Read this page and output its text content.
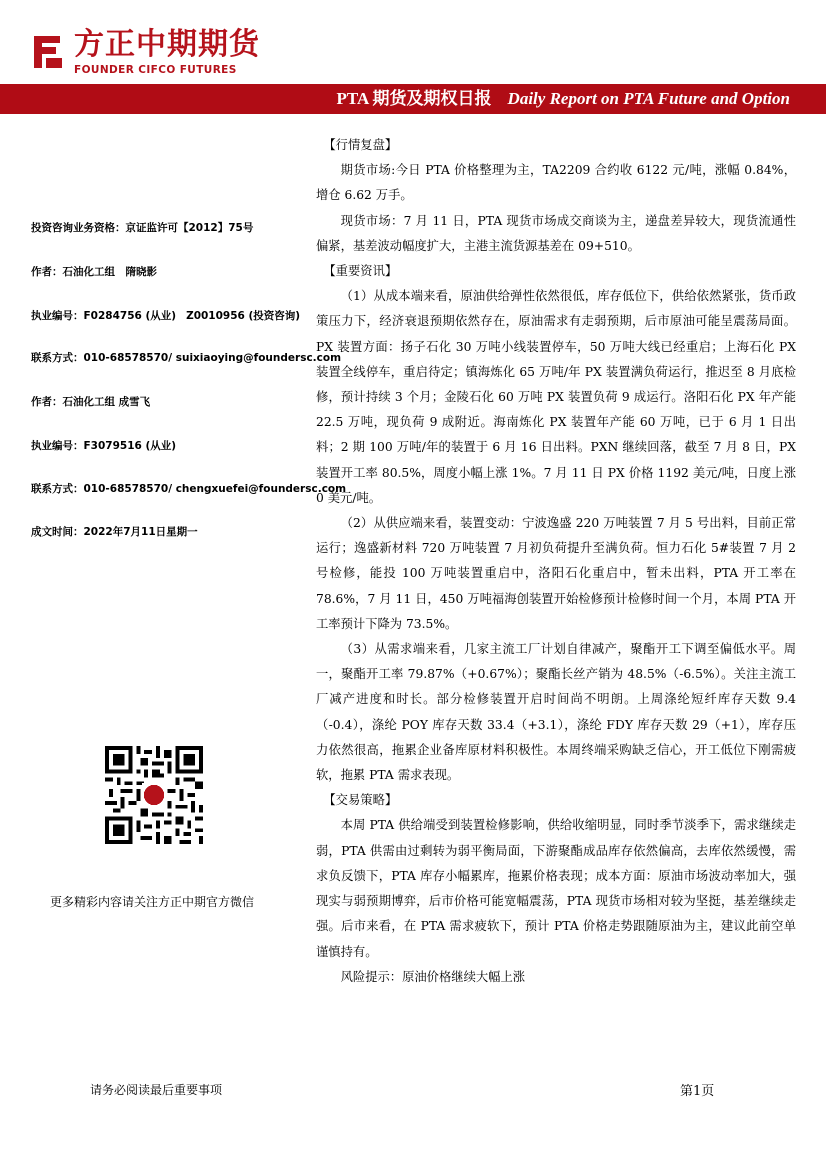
方正中期期货
FOUNDER CIFCO FUTURES
PTA 期货及期权日报 Daily Report on PTA Future and Option
投资咨询业务资格：京证监许可【2012】75号
作者：石油化工组　隋晓影
执业编号：F0284756 (从业) Z0010956 (投资咨询)
联系方式：010-68578570/ suixiaoying@foundersc.com
作者：石油化工组 成雪飞
执业编号：F3079516 (从业)
联系方式：010-68578570/ chengxuefei@foundersc.com
成文时间：2022年7月11日星期一
更多精彩内容请关注方正中期官方微信

【行情复盘】

期货市场:今日 PTA 价格整理为主，TA2209 合约收 6122 元/吨，涨幅 0.84%，增仓 6.62 万手。

现货市场：7 月 11 日，PTA 现货市场成交商谈为主，递盘差异较大，现货流通性偏紧，基差波动幅度扩大，主港主流货源基差在 09+510。

【重要资讯】

（1）从成本端来看，原油供给弹性依然很低，库存低位下，供给依然紧张，货币政策压力下，经济衰退预期依然存在，原油需求有走弱预期，后市原油可能呈震荡局面。PX 装置方面：扬子石化 30 万吨小线装置停车，50 万吨大线已经重启；上海石化 PX 装置全线停车，重启待定；镇海炼化 65 万吨/年 PX 装置满负荷运行，推迟至 8 月底检修，预计持续 3 个月；金陵石化 60 万吨 PX 装置负荷 9 成运行。洛阳石化 PX 年产能 22.5 万吨，现负荷 9 成附近。海南炼化 PX 装置年产能 60 万吨，已于 6 月 1 日出料；2 期 100 万吨/年的装置于 6 月 16 日出料。PXN 继续回落，截至 7 月 8 日，PX 装置开工率 80.5%，周度小幅上涨 1%。7 月 11 日 PX 价格 1192 美元/吨，日度上涨 0 美元/吨。

（2）从供应端来看，装置变动：宁波逸盛 220 万吨装置 7 月 5 号出料，目前正常运行；逸盛新材料 720 万吨装置 7 月初负荷提升至满负荷。恒力石化 5#装置 7 月 2 号检修，能投 100 万吨装置重启中，洛阳石化重启中，暂未出料，PTA 开工率在 78.6%，7 月 11 日，450 万吨福海创装置开始检修预计检修时间一个月，本周 PTA 开工率预计下降为 73.5%。

（3）从需求端来看，几家主流工厂计划自律减产，聚酯开工下调至偏低水平。周一，聚酯开工率 79.87%（+0.67%）；聚酯长丝产销为 48.5%（-6.5%）。关注主流工厂减产进度和时长。部分检修装置开启时间尚不明朗。上周涤纶短纤库存天数 9.4（-0.4），涤纶 POY 库存天数 33.4（+3.1），涤纶 FDY 库存天数 29（+1），库存压力依然很高，拖累企业备库原材料积极性。本周终端采购缺乏信心，开工低位下刚需疲软，拖累 PTA 需求表现。

【交易策略】

本周 PTA 供给端受到装置检修影响，供给收缩明显，同时季节淡季下，需求继续走弱，PTA 供需由过剩转为弱平衡局面，下游聚酯成品库存依然偏高，去库依然缓慢，需求负反馈下，PTA 库存小幅累库，拖累价格表现；成本方面：原油市场波动率加大，强现实与弱预期博弈，后市价格可能宽幅震荡，PTA 现货市场相对较为坚挺，基差继续走强。后市来看，在 PTA 需求疲软下，预计 PTA 价格走势跟随原油为主，建议此前空单谨慎持有。

风险提示：原油价格继续大幅上涨

请务必阅读最后重要事项	第1页
